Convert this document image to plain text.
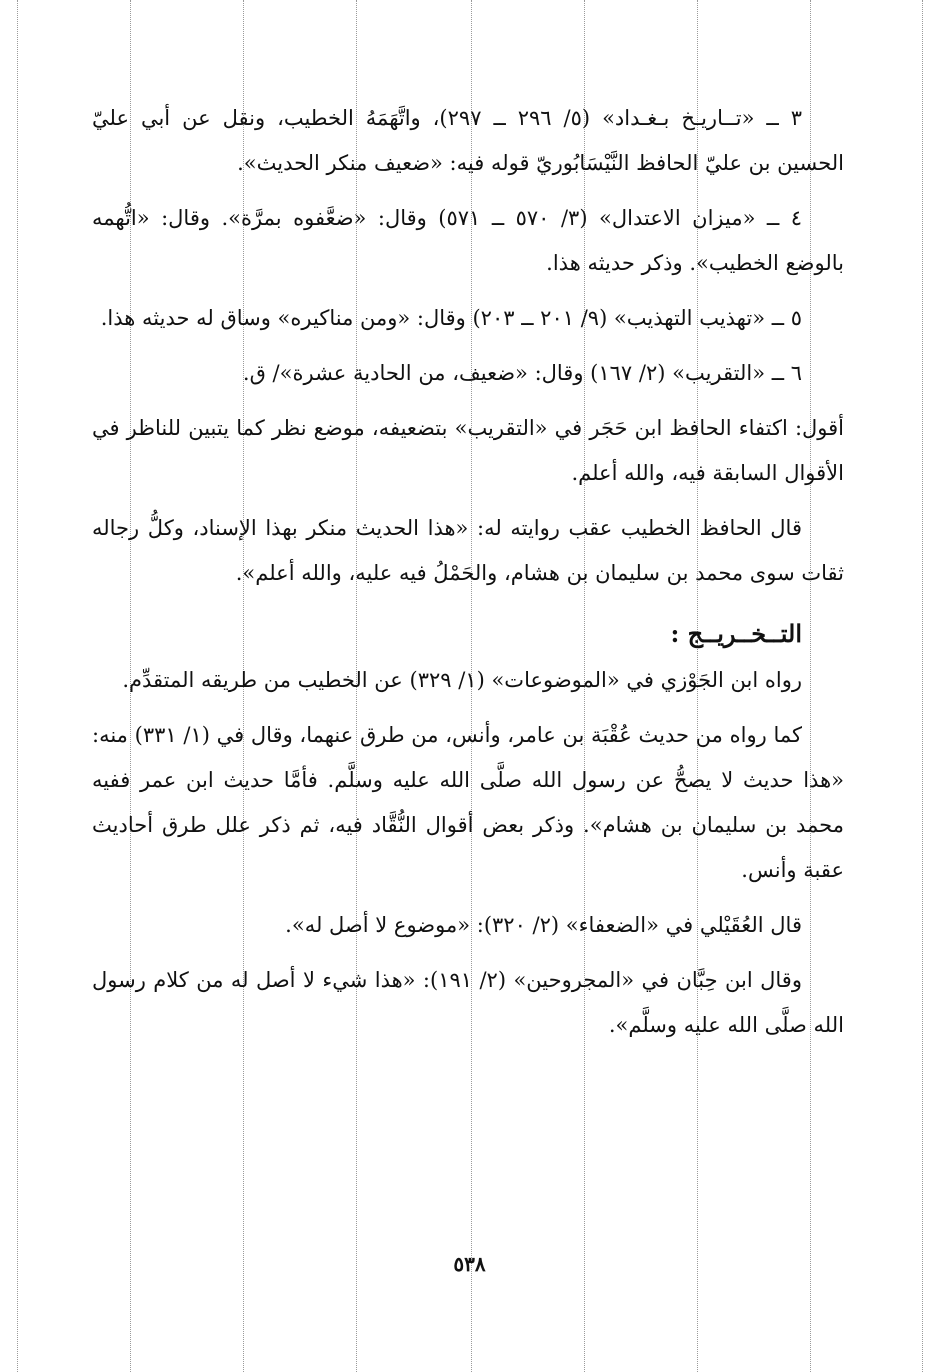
٣ ــ «تــاريـخ بـغـداد» (٥/ ٢٩٦ ــ ٢٩٧)، واتَّهَمَهُ الخطيب، ونقل عن أبي عليّ الحسين بن عليّ الحافظ النَّيْسَابُوريّ قوله فيه: «ضعيف منكر الحديث».

٤ ــ «ميزان الاعتدال» (٣/ ٥٧٠ ــ ٥٧١) وقال: «ضعَّفوه بمرَّة». وقال: «اتُّهمه بالوضع الخطيب». وذكر حديثه هذا.

٥ ــ «تهذيب التهذيب» (٩/ ٢٠١ ــ ٢٠٣) وقال: «ومن مناكيره» وساق له حديثه هذا.

٦ ــ «التقريب» (٢/ ١٦٧) وقال: «ضعيف، من الحادية عشرة»/ ق.

أقول: اكتفاء الحافظ ابن حَجَر في «التقريب» بتضعيفه، موضع نظر كما يتبين للناظر في الأقوال السابقة فيه، والله أعلم.

قال الحافظ الخطيب عقب روايته له: «هذا الحديث منكر بهذا الإسناد، وكلُّ رجاله ثقات سوى محمد بن سليمان بن هشام، والحَمْلُ فيه عليه، والله أعلم».

التــخــريــج :

رواه ابن الجَوْزي في «الموضوعات» (١/ ٣٢٩) عن الخطيب من طريقه المتقدِّم.

كما رواه من حديث عُقْبَة بن عامر، وأنس، من طرق عنهما، وقال في (١/ ٣٣١) منه: «هذا حديث لا يصحُّ عن رسول الله صلَّى الله عليه وسلَّم. فأمَّا حديث ابن عمر ففيه محمد بن سليمان بن هشام». وذكر بعض أقوال النُّقَّاد فيه، ثم ذكر علل طرق أحاديث عقبة وأنس.

قال العُقَيْلي في «الضعفاء» (٢/ ٣٢٠): «موضوع لا أصل له».

وقال ابن حِبَّان في «المجروحين» (٢/ ١٩١): «هذا شيء لا أصل له من كلام رسول الله صلَّى الله عليه وسلَّم».

٥٣٨
